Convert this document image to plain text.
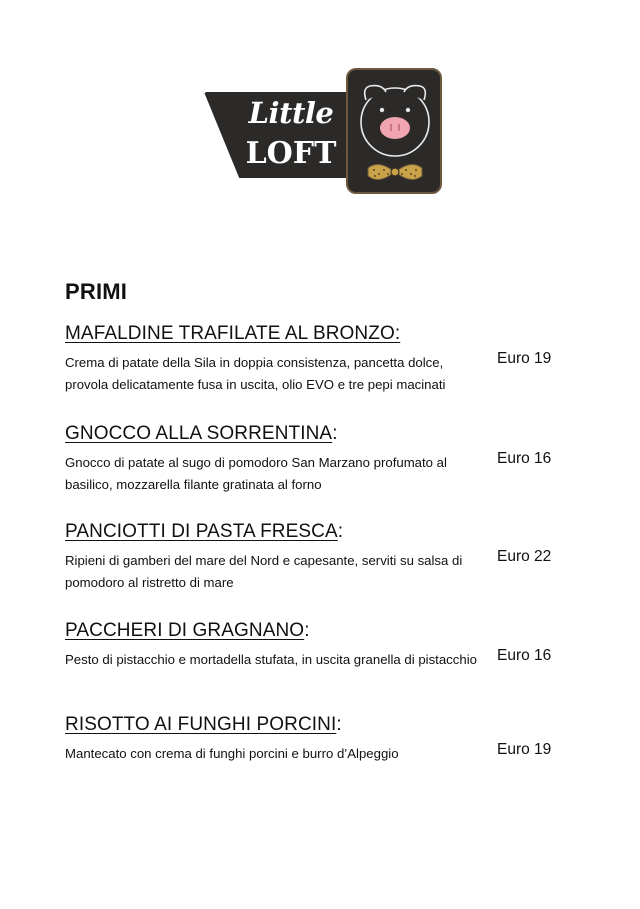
Little
LOFT
PRIMI
MAFALDINE TRAFILATE AL BRONZO:

Crema di patate della Sila in doppia consistenza, pancetta dolce, provola delicatamente fusa in uscita, olio EVO e tre pepi macinati

Euro 19
GNOCCO ALLA SORRENTINA:

Gnocco di patate al sugo di pomodoro San Marzano profumato al basilico, mozzarella filante gratinata al forno

Euro 16
PANCIOTTI DI PASTA FRESCA:

Ripieni di gamberi del mare del Nord e capesante, serviti su salsa di pomodoro al ristretto di mare

Euro 22
PACCHERI DI GRAGNANO:

Pesto di pistacchio e mortadella stufata, in uscita granella di pistacchio	Euro 16
RISOTTO AI FUNGHI PORCINI:

Mantecato con crema di funghi porcini e burro d’Alpeggio	Euro 19
